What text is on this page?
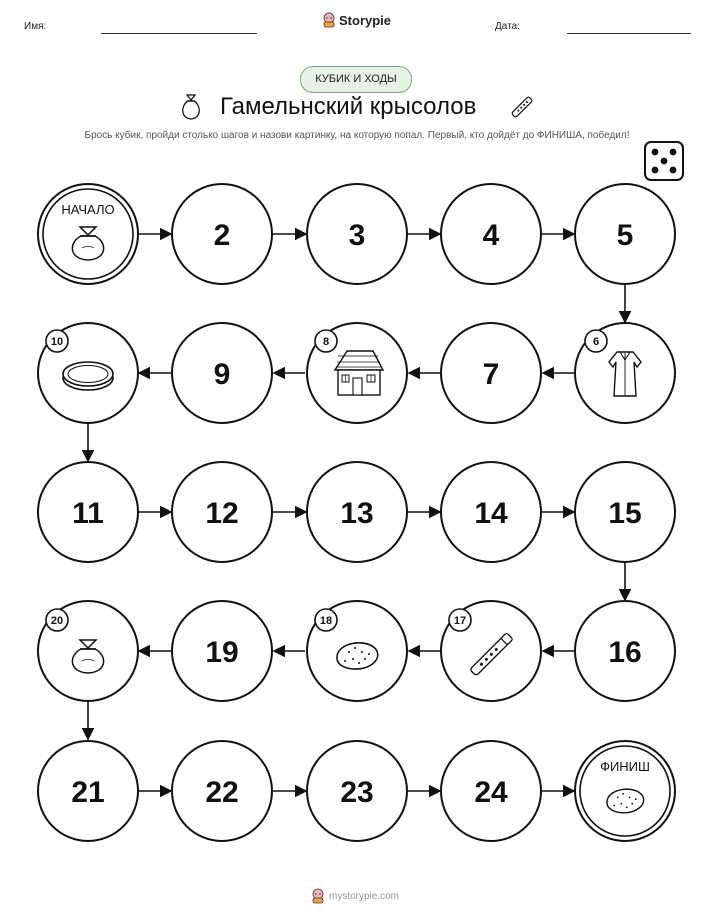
Имя:	Storypie	Дата:
КУБИК И ХОДЫ
Гамельнский крысолов
Брось кубик, пройди столько шагов и назови картинку, на которую попал. Первый, кто дойдёт до ФИНИША, победил!
НАЧАЛО
2	3	4	5
6
7
8
9
10
11	12	13	14	15
16
17
18
19
20
21	22	23	24
ФИНИШ
mystorypie.com
